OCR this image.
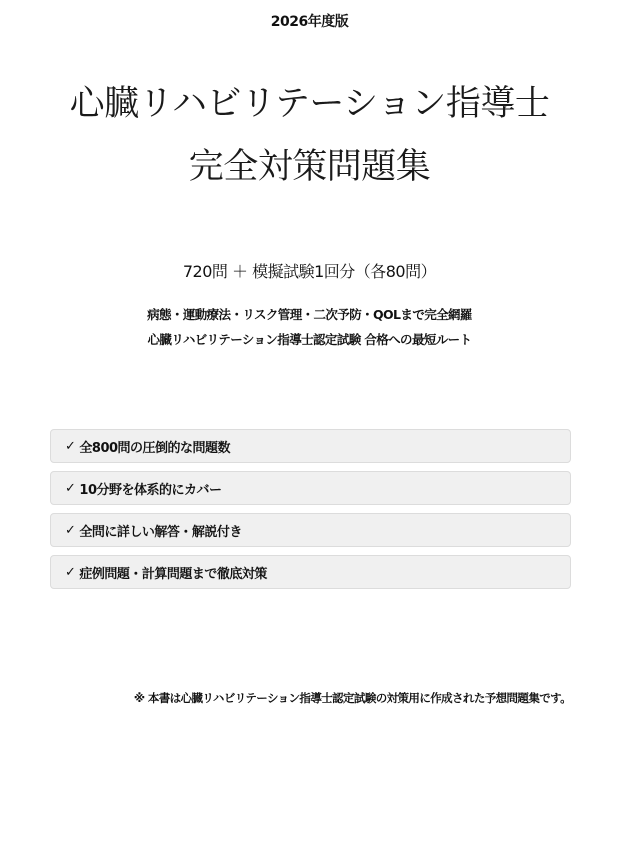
2026年度版
心臓リハビリテーション指導士
完全対策問題集
720問 ＋ 模擬試験1回分（各80問）
病態・運動療法・リスク管理・二次予防・QOLまで完全網羅
心臓リハビリテーション指導士認定試験 合格への最短ルート
✓ 全800問の圧倒的な問題数
✓ 10分野を体系的にカバー
✓ 全問に詳しい解答・解説付き
✓ 症例問題・計算問題まで徹底対策
※ 本書は心臓リハビリテーション指導士認定試験の対策用に作成された予想問題集です。
